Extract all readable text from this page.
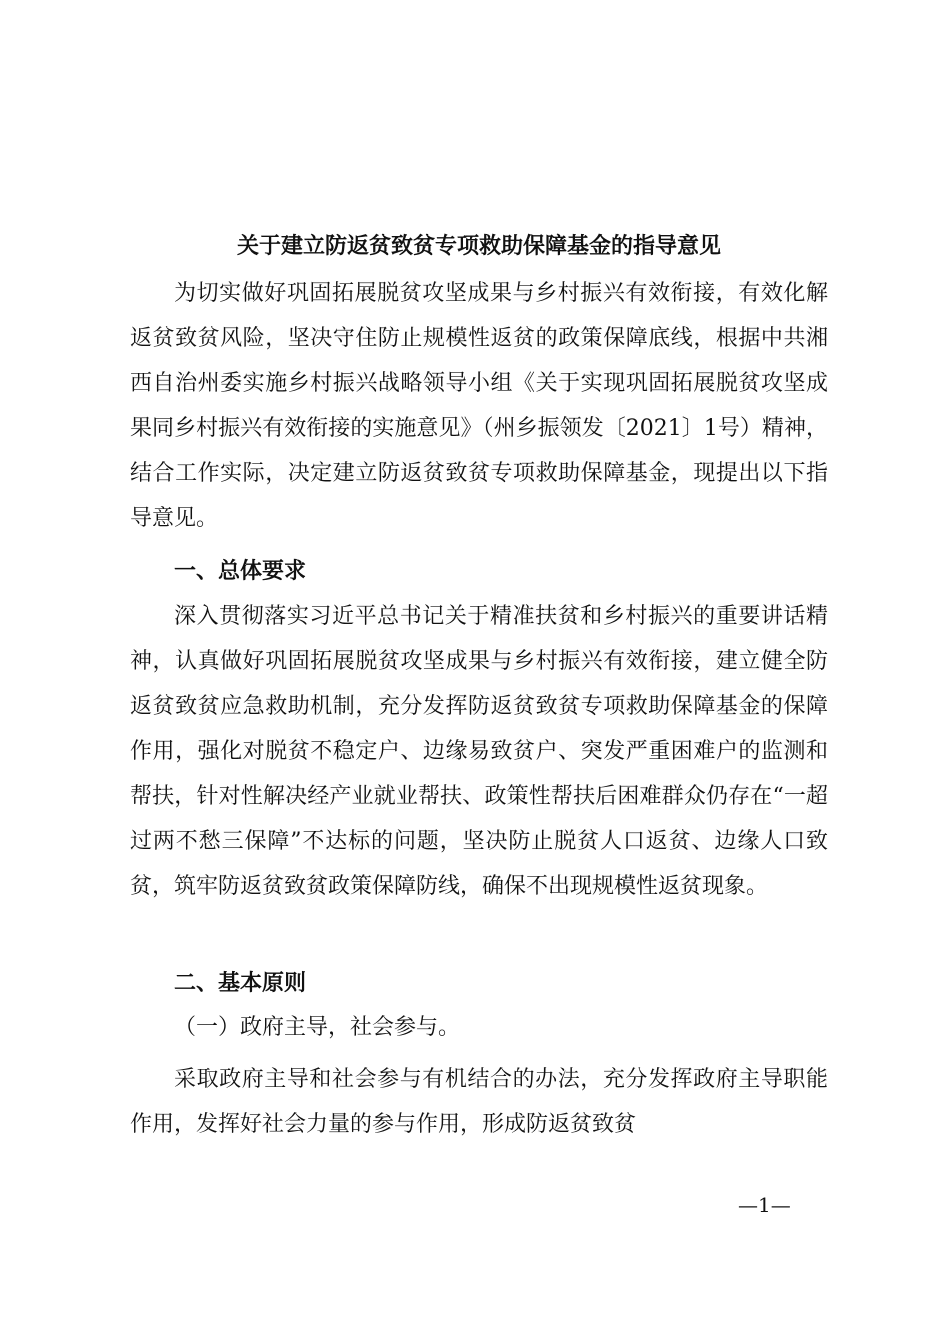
关于建立防返贫致贫专项救助保障基金的指导意见
为切实做好巩固拓展脱贫攻坚成果与乡村振兴有效衔接，有效化解返贫致贫风险，坚决守住防止规模性返贫的政策保障底线，根据中共湘西自治州委实施乡村振兴战略领导小组《关于实现巩固拓展脱贫攻坚成果同乡村振兴有效衔接的实施意见》（州乡振领发〔2021〕1号）精神，结合工作实际，决定建立防返贫致贫专项救助保障基金，现提出以下指导意见。
一、总体要求
深入贯彻落实习近平总书记关于精准扶贫和乡村振兴的重要讲话精神，认真做好巩固拓展脱贫攻坚成果与乡村振兴有效衔接，建立健全防返贫致贫应急救助机制，充分发挥防返贫致贫专项救助保障基金的保障作用，强化对脱贫不稳定户、边缘易致贫户、突发严重困难户的监测和帮扶，针对性解决经产业就业帮扶、政策性帮扶后困难群众仍存在“一超过两不愁三保障”不达标的问题，坚决防止脱贫人口返贫、边缘人口致贫，筑牢防返贫致贫政策保障防线，确保不出现规模性返贫现象。
二、基本原则
（一）政府主导，社会参与。
采取政府主导和社会参与有机结合的办法，充分发挥政府主导职能作用，发挥好社会力量的参与作用，形成防返贫致贫
—1—
